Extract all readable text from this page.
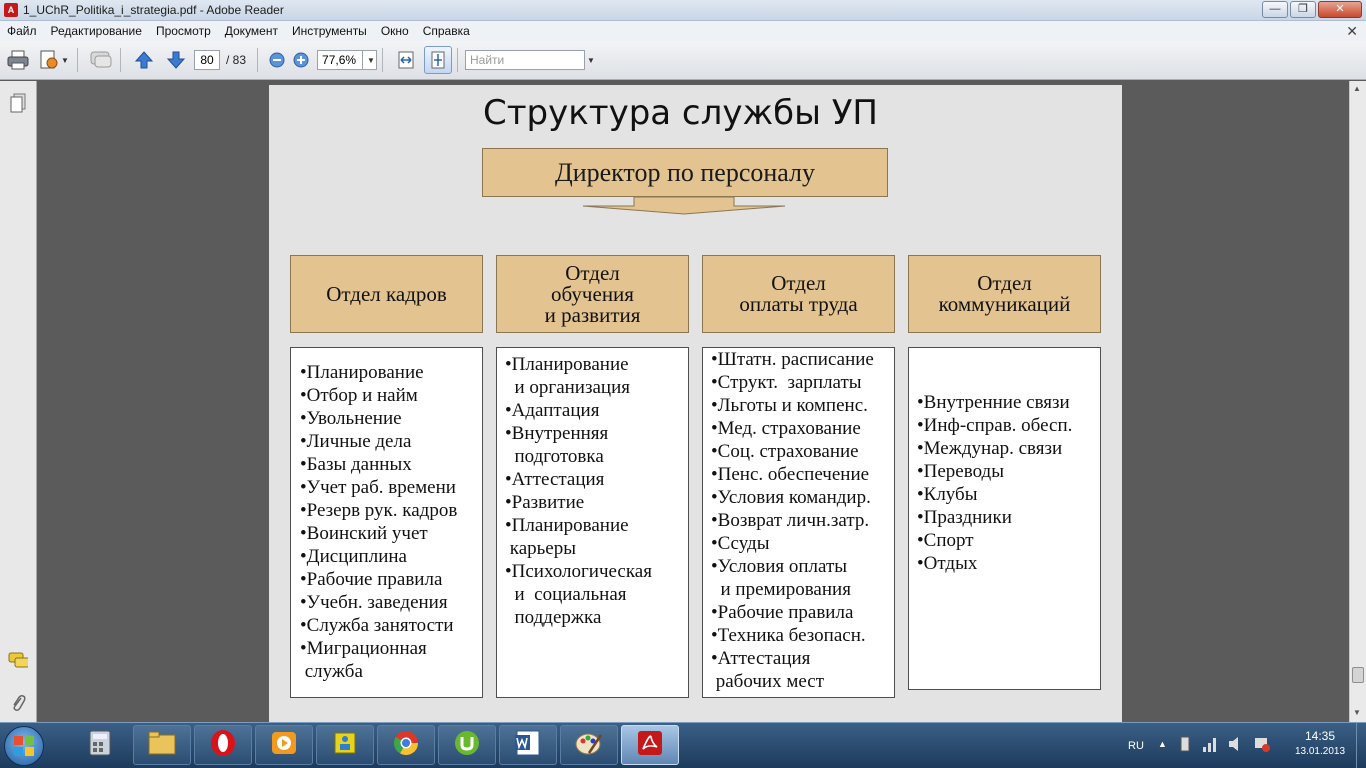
A 1_UChR_Politika_i_strategia.pdf - Adobe Reader	—	❐	✕
Файл	Редактирование	Просмотр	Документ	Инструменты	Окно	Справка	✕
▼	80	/ 83	77,6%	▼	Найти	▼
▲
▼
Структура службы УП
Директор по персоналу
Отдел кадров
Отдел
обучения
и развития
Отдел
оплаты труда
Отдел
коммуникаций
•Планирование
•Отбор и найм
•Увольнение
•Личные дела
•Базы данных
•Учет раб. времени
•Резерв рук. кадров
•Воинский учет
•Дисциплина
•Рабочие правила
•Учебн. заведения
•Служба занятости
•Миграционная
служба
•Планирование
и организация
•Адаптация
•Внутренняя
подготовка
•Аттестация
•Развитие
•Планирование
карьеры
•Психологическая
и  социальная
поддержка
•Штатн. расписание
•Структ.  зарплаты
•Льготы и компенс.
•Мед. страхование
•Соц. страхование
•Пенс. обеспечение
•Условия командир.
•Возврат личн.затр.
•Ссуды
•Условия оплаты
и премирования
•Рабочие правила
•Техника безопасн.
•Аттестация
рабочих мест
•Внутренние связи
•Инф-справ. обесп.
•Междунар. связи
•Переводы
•Клубы
•Праздники
•Спорт
•Отдых
RU ▲
14:35
13.01.2013
